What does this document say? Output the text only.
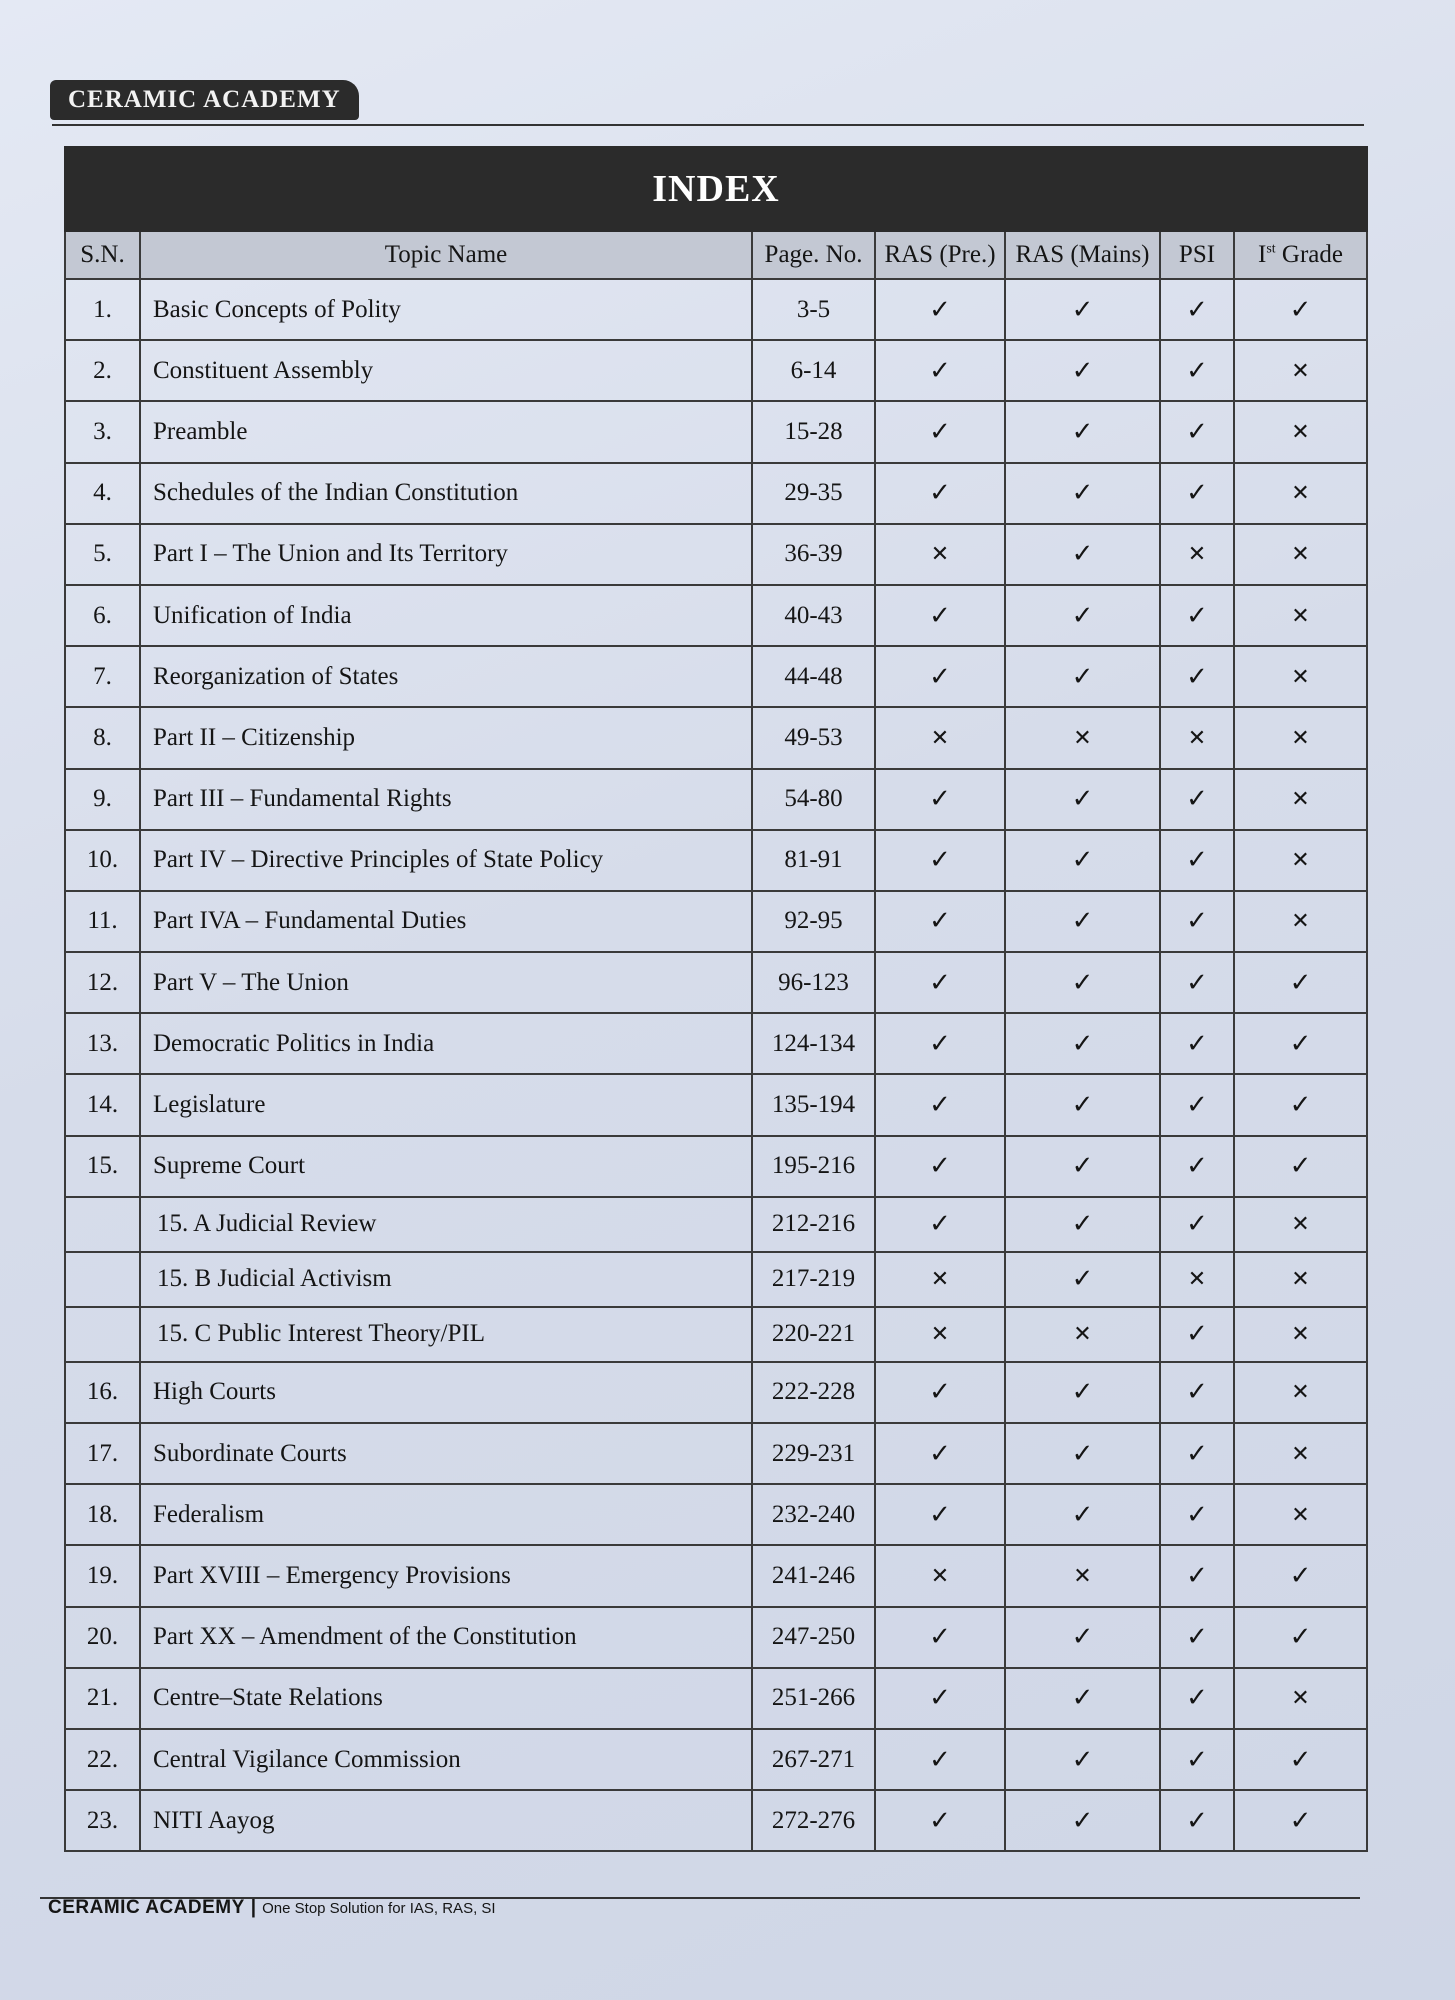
CERAMIC ACADEMY
INDEX						
S.N.	Topic Name	Page. No.	RAS (Pre.)	RAS (Mains)	PSI	Ist Grade
1.	Basic Concepts of Polity	3-5	✓	✓	✓	✓
2.	Constituent Assembly	6-14	✓	✓	✓	✕
3.	Preamble	15-28	✓	✓	✓	✕
4.	Schedules of the Indian Constitution	29-35	✓	✓	✓	✕
5.	Part I – The Union and Its Territory	36-39	✕	✓	✕	✕
6.	Unification of India	40-43	✓	✓	✓	✕
7.	Reorganization of States	44-48	✓	✓	✓	✕
8.	Part II – Citizenship	49-53	✕	✕	✕	✕
9.	Part III – Fundamental Rights	54-80	✓	✓	✓	✕
10.	Part IV – Directive Principles of State Policy	81-91	✓	✓	✓	✕
11.	Part IVA – Fundamental Duties	92-95	✓	✓	✓	✕
12.	Part V – The Union	96-123	✓	✓	✓	✓
13.	Democratic Politics in India	124-134	✓	✓	✓	✓
14.	Legislature	135-194	✓	✓	✓	✓
15.	Supreme Court	195-216	✓	✓	✓	✓
	15. A Judicial Review	212-216	✓	✓	✓	✕
	15. B Judicial Activism	217-219	✕	✓	✕	✕
	15. C Public Interest Theory/PIL	220-221	✕	✕	✓	✕
16.	High Courts	222-228	✓	✓	✓	✕
17.	Subordinate Courts	229-231	✓	✓	✓	✕
18.	Federalism	232-240	✓	✓	✓	✕
19.	Part XVIII – Emergency Provisions	241-246	✕	✕	✓	✓
20.	Part XX – Amendment of the Constitution	247-250	✓	✓	✓	✓
21.	Centre–State Relations	251-266	✓	✓	✓	✕
22.	Central Vigilance Commission	267-271	✓	✓	✓	✓
23.	NITI Aayog	272-276	✓	✓	✓	✓
CERAMIC ACADEMY | One Stop Solution for IAS, RAS, SI
